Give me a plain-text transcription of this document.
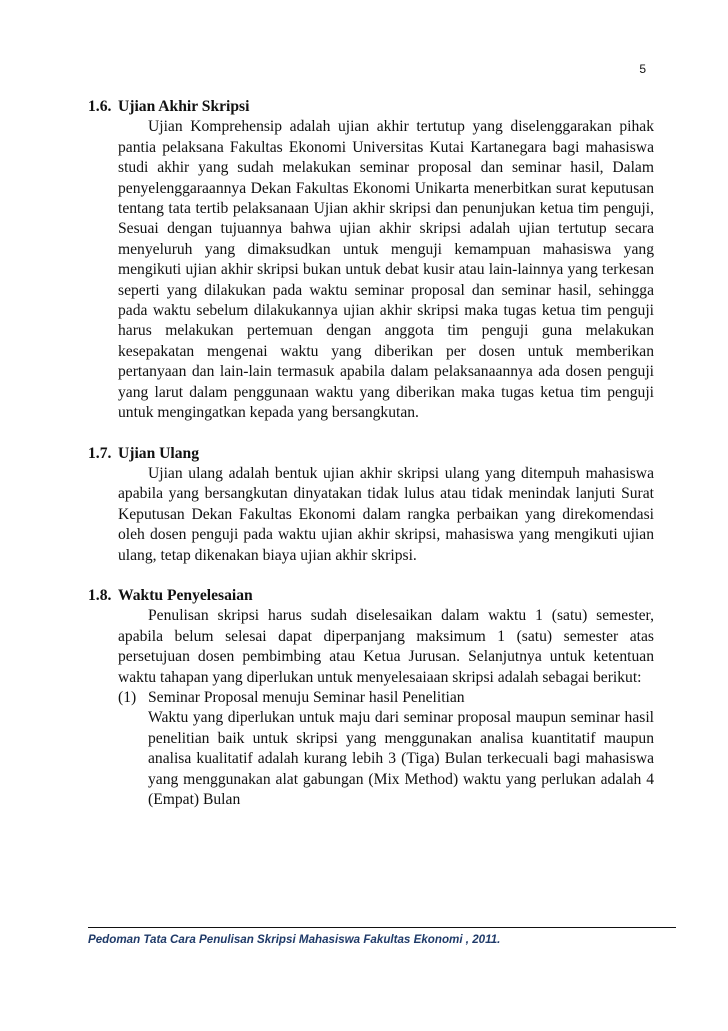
5
1.6. Ujian Akhir Skripsi
Ujian Komprehensip adalah ujian akhir tertutup yang diselenggarakan pihak pantia pelaksana Fakultas Ekonomi Universitas Kutai Kartanegara bagi mahasiswa studi akhir yang sudah melakukan seminar proposal dan seminar hasil, Dalam penyelenggaraannya Dekan Fakultas Ekonomi Unikarta menerbitkan surat keputusan tentang tata tertib pelaksanaan Ujian akhir skripsi dan penunjukan ketua tim penguji, Sesuai dengan tujuannya bahwa ujian akhir skripsi adalah ujian tertutup secara menyeluruh yang dimaksudkan untuk menguji kemampuan mahasiswa yang mengikuti ujian akhir skripsi bukan untuk debat kusir atau lain-lainnya yang terkesan seperti yang dilakukan pada waktu seminar proposal dan seminar hasil, sehingga pada waktu sebelum dilakukannya ujian akhir skripsi maka tugas ketua tim penguji harus melakukan pertemuan dengan anggota tim penguji guna melakukan kesepakatan mengenai waktu yang diberikan per dosen untuk memberikan pertanyaan dan lain-lain termasuk apabila dalam pelaksanaannya ada dosen penguji yang larut dalam penggunaan waktu yang diberikan maka tugas ketua tim penguji untuk mengingatkan kepada yang bersangkutan.
1.7. Ujian Ulang
Ujian ulang adalah bentuk ujian akhir skripsi ulang yang ditempuh mahasiswa apabila yang bersangkutan dinyatakan tidak lulus atau tidak menindak lanjuti Surat Keputusan Dekan Fakultas Ekonomi dalam rangka perbaikan yang direkomendasi oleh dosen penguji pada waktu ujian akhir skripsi, mahasiswa yang mengikuti ujian ulang, tetap dikenakan biaya ujian akhir skripsi.
1.8. Waktu Penyelesaian
Penulisan skripsi harus sudah diselesaikan dalam waktu 1 (satu) semester, apabila belum selesai dapat diperpanjang maksimum 1 (satu) semester atas persetujuan dosen pembimbing atau Ketua Jurusan. Selanjutnya untuk ketentuan waktu tahapan yang diperlukan untuk menyelesaiaan skripsi adalah sebagai berikut:
(1) Seminar Proposal menuju Seminar hasil Penelitian
Waktu yang diperlukan untuk maju dari seminar proposal maupun seminar hasil penelitian baik untuk skripsi yang menggunakan analisa kuantitatif maupun analisa kualitatif adalah kurang lebih 3 (Tiga) Bulan terkecuali bagi mahasiswa yang menggunakan alat gabungan (Mix Method) waktu yang perlukan adalah 4 (Empat) Bulan
Pedoman Tata Cara Penulisan Skripsi Mahasiswa Fakultas Ekonomi , 2011.
